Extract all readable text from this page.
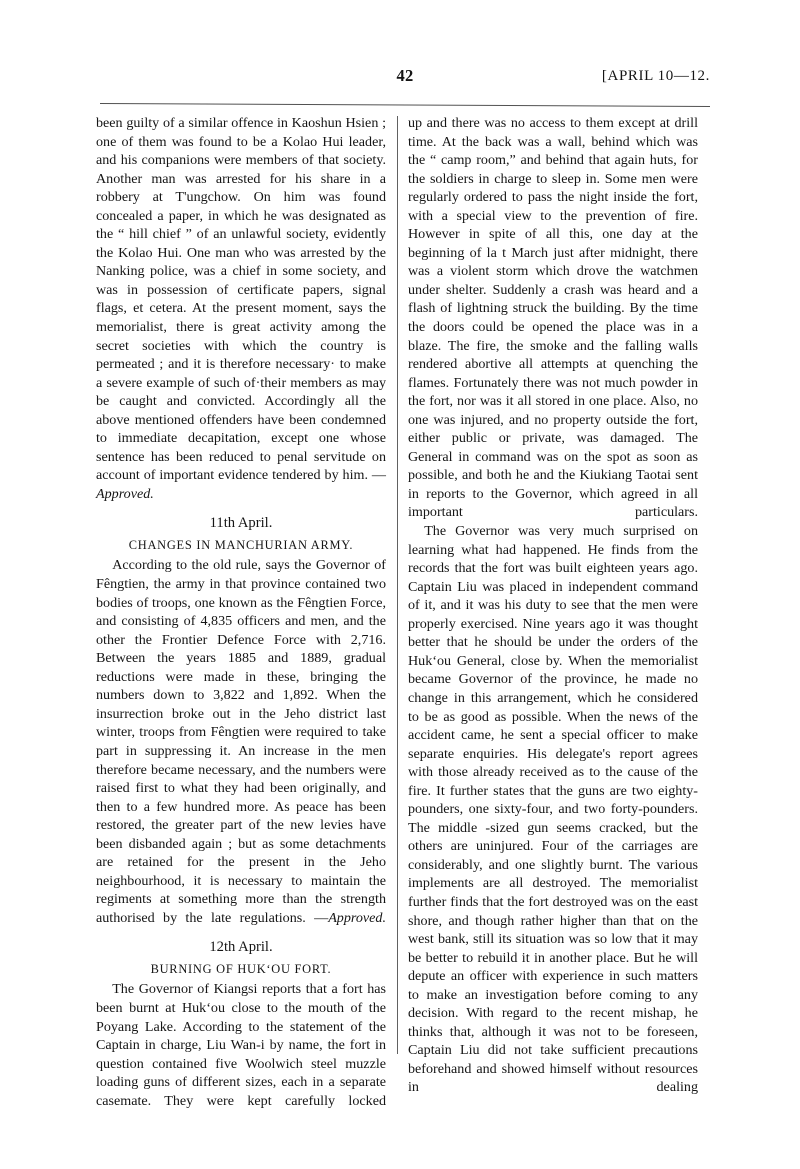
42	[APRIL 10—12.

been guilty of a similar offence in Kaoshun Hsien ; one of them was found to be a Kolao Hui leader, and his companions were members of that society. Another man was arrested for his share in a robbery at T'ungchow. On him was found concealed a paper, in which he was designated as the “ hill chief ” of an unlawful society, evidently the Kolao Hui. One man who was arrested by the Nanking police, was a chief in some society, and was in possession of certificate papers, signal flags, et cetera. At the present moment, says the memorialist, there is great activity among the secret societies with which the country is permeated ; and it is therefore necessary· to make a severe example of such of·their members as may be caught and convicted. Accordingly all the above mentioned offenders have been condemned to immediate decapitation, except one whose sentence has been reduced to penal servitude on account of important evidence tendered by him. —Approved.

11th April.

CHANGES IN MANCHURIAN ARMY.

According to the old rule, says the Governor of Fêngtien, the army in that province contained two bodies of troops, one known as the Fêngtien Force, and consisting of 4,835 officers and men, and the other the Frontier Defence Force with 2,716. Between the years 1885 and 1889, gradual reductions were made in these, bringing the numbers down to 3,822 and 1,892. When the insurrection broke out in the Jeho district last winter, troops from Fêngtien were required to take part in suppressing it. An increase in the men therefore became necessary, and the numbers were raised first to what they had been originally, and then to a few hundred more. As peace has been restored, the greater part of the new levies have been disbanded again ; but as some detachments are retained for the present in the Jeho neighbourhood, it is necessary to maintain the regiments at something more than the strength authorised by the late regulations. —Approved.

12th April.

BURNING OF HUK‘OU FORT.

The Governor of Kiangsi reports that a fort has been burnt at Huk‘ou close to the mouth of the Poyang Lake. According to the statement of the Captain in charge, Liu Wan-i by name, the fort in question contained five Woolwich steel muzzle loading guns of different sizes, each in a separate casemate. They were kept carefully locked

up and there was no access to them except at drill time. At the back was a wall, behind which was the “ camp room,” and behind that again huts, for the soldiers in charge to sleep in. Some men were regularly ordered to pass the night inside the fort, with a special view to the prevention of fire. However in spite of all this, one day at the beginning of la t March just after midnight, there was a violent storm which drove the watchmen under shelter. Suddenly a crash was heard and a flash of lightning struck the building. By the time the doors could be opened the place was in a blaze. The fire, the smoke and the falling walls rendered abortive all attempts at quenching the flames. Fortunately there was not much powder in the fort, nor was it all stored in one place. Also, no one was injured, and no property outside the fort, either public or private, was damaged. The General in command was on the spot as soon as possible, and both he and the Kiukiang Taotai sent in reports to the Governor, which agreed in all important particulars.

The Governor was very much surprised on learning what had happened. He finds from the records that the fort was built eighteen years ago. Captain Liu was placed in independent command of it, and it was his duty to see that the men were properly exercised. Nine years ago it was thought better that he should be under the orders of the Huk‘ou General, close by. When the memorialist became Governor of the province, he made no change in this arrangement, which he considered to be as good as possible. When the news of the accident came, he sent a special officer to make separate enquiries. His delegate's report agrees with those already received as to the cause of the fire. It further states that the guns are two eighty-pounders, one sixty-four, and two forty-pounders. The middle -sized gun seems cracked, but the others are uninjured. Four of the carriages are considerably, and one slightly burnt. The various implements are all destroyed. The memorialist further finds that the fort destroyed was on the east shore, and though rather higher than that on the west bank, still its situation was so low that it may be better to rebuild it in another place. But he will depute an officer with experience in such matters to make an investigation before coming to any decision. With regard to the recent mishap, he thinks that, although it was not to be foreseen, Captain Liu did not take sufficient precautions beforehand and showed himself without resources in dealing
